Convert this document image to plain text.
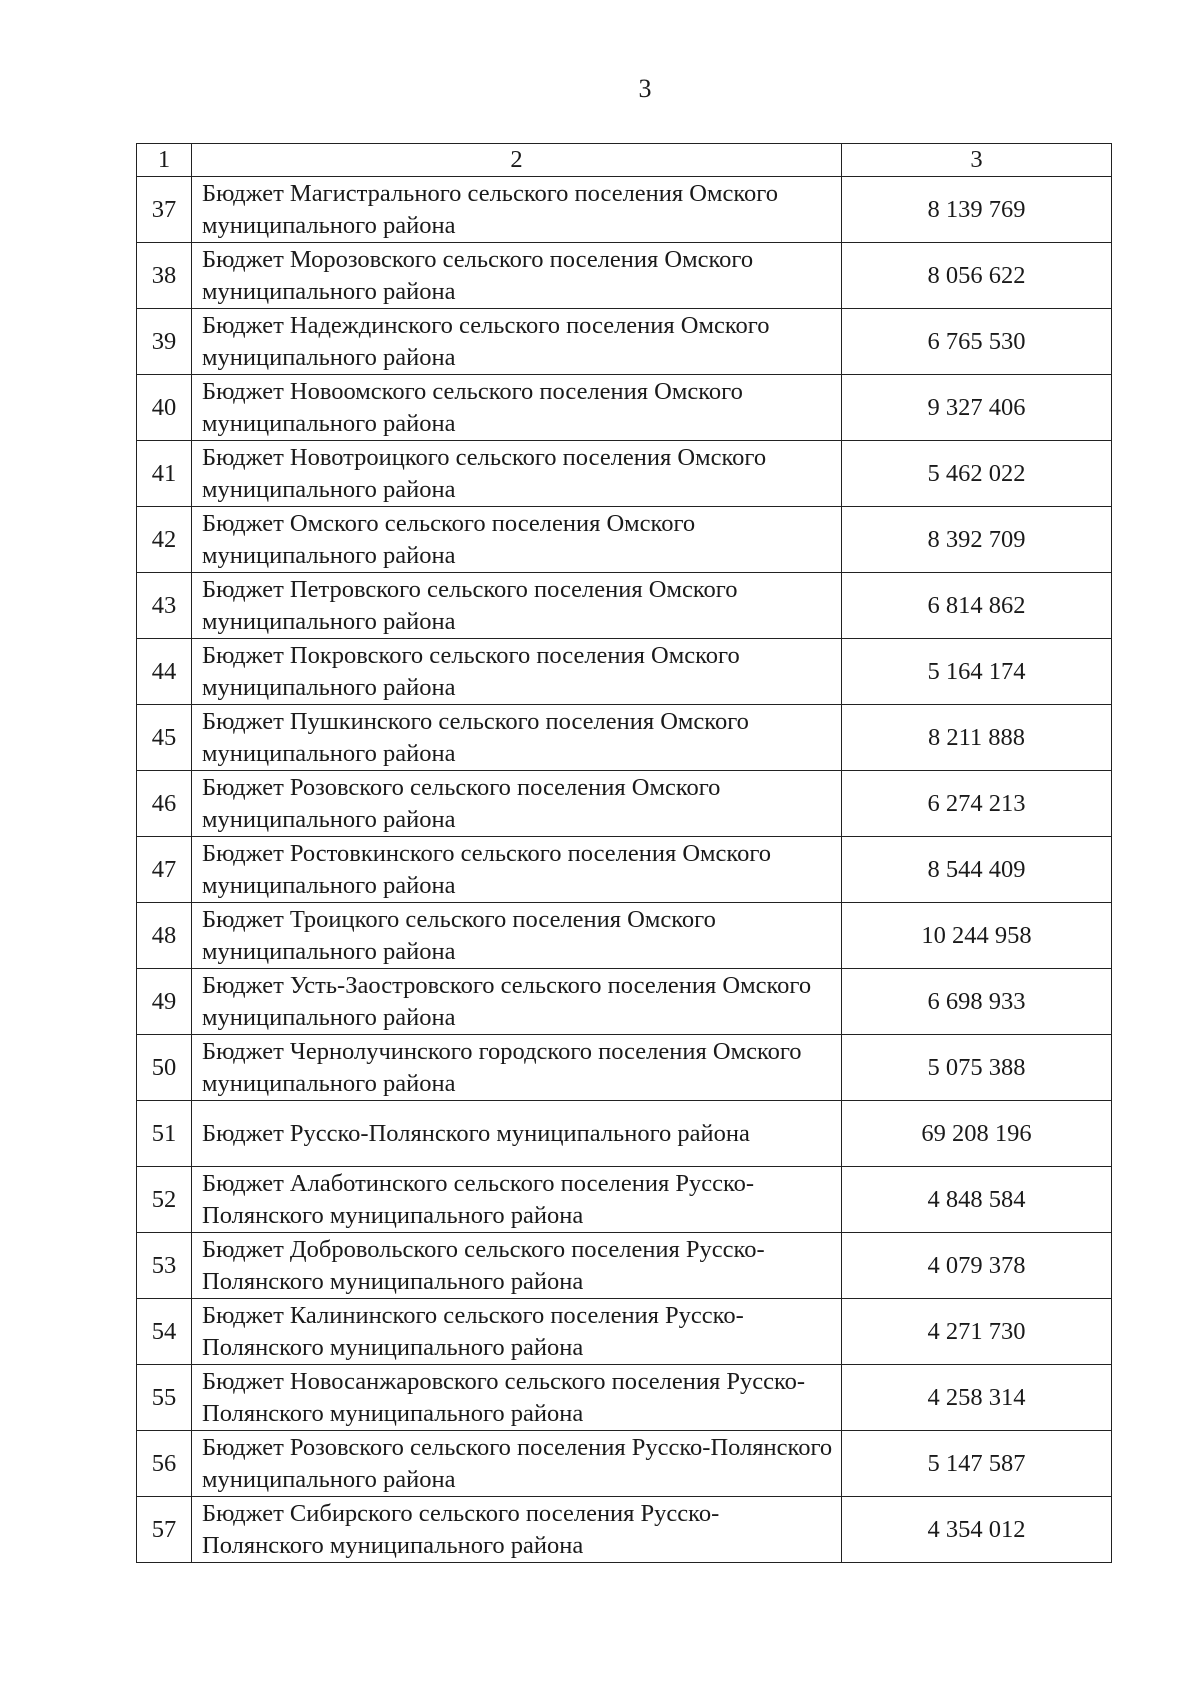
3
1	2	3
37	Бюджет Магистрального сельского поселения Омского муниципального района	8 139 769
38	Бюджет Морозовского сельского поселения Омского муниципального района	8 056 622
39	Бюджет Надеждинского сельского поселения Омского муниципального района	6 765 530
40	Бюджет Новоомского сельского поселения Омского муниципального района	9 327 406
41	Бюджет Новотроицкого сельского поселения Омского муниципального района	5 462 022
42	Бюджет Омского сельского поселения Омского муниципального района	8 392 709
43	Бюджет Петровского сельского поселения Омского муниципального района	6 814 862
44	Бюджет Покровского сельского поселения Омского муниципального района	5 164 174
45	Бюджет Пушкинского сельского поселения Омского муниципального района	8 211 888
46	Бюджет Розовского сельского поселения Омского муниципального района	6 274 213
47	Бюджет Ростовкинского сельского поселения Омского муниципального района	8 544 409
48	Бюджет Троицкого сельского поселения Омского муниципального района	10 244 958
49	Бюджет Усть-Заостровского сельского поселения Омского муниципального района	6 698 933
50	Бюджет Чернолучинского городского поселения Омского муниципального района	5 075 388
51	Бюджет Русско-Полянского муниципального района	69 208 196
52	Бюджет Алаботинского сельского поселения Русско-Полянского муниципального района	4 848 584
53	Бюджет Добровольского сельского поселения Русско-Полянского муниципального района	4 079 378
54	Бюджет Калининского сельского поселения Русско-Полянского муниципального района	4 271 730
55	Бюджет Новосанжаровского сельского поселения Русско-Полянского муниципального района	4 258 314
56	Бюджет Розовского сельского поселения Русско-Полянского муниципального района	5 147 587
57	Бюджет Сибирского сельского поселения Русско-Полянского муниципального района	4 354 012
